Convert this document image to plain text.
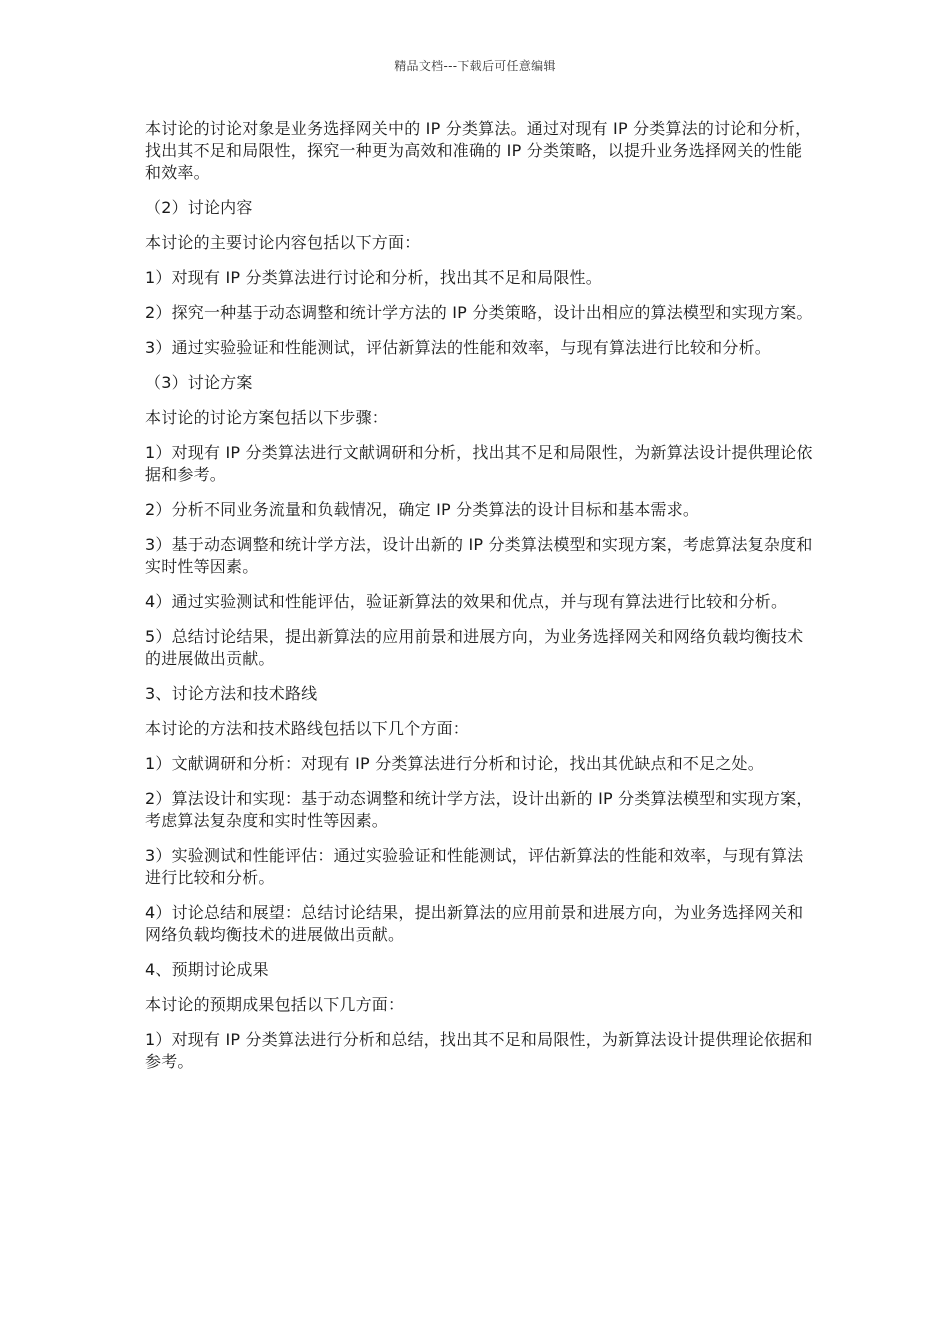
精品文档---下载后可任意编辑

本讨论的讨论对象是业务选择网关中的 IP 分类算法。通过对现有 IP 分类算法的讨论和分析，找出其不足和局限性，探究一种更为高效和准确的 IP 分类策略，以提升业务选择网关的性能和效率。

（2）讨论内容

本讨论的主要讨论内容包括以下方面：

1）对现有 IP 分类算法进行讨论和分析，找出其不足和局限性。

2）探究一种基于动态调整和统计学方法的 IP 分类策略，设计出相应的算法模型和实现方案。

3）通过实验验证和性能测试，评估新算法的性能和效率，与现有算法进行比较和分析。

（3）讨论方案

本讨论的讨论方案包括以下步骤：

1）对现有 IP 分类算法进行文献调研和分析，找出其不足和局限性，为新算法设计提供理论依据和参考。

2）分析不同业务流量和负载情况，确定 IP 分类算法的设计目标和基本需求。

3）基于动态调整和统计学方法，设计出新的 IP 分类算法模型和实现方案，考虑算法复杂度和实时性等因素。

4）通过实验测试和性能评估，验证新算法的效果和优点，并与现有算法进行比较和分析。

5）总结讨论结果，提出新算法的应用前景和进展方向，为业务选择网关和网络负载均衡技术的进展做出贡献。

3、讨论方法和技术路线

本讨论的方法和技术路线包括以下几个方面：

1）文献调研和分析：对现有 IP 分类算法进行分析和讨论，找出其优缺点和不足之处。

2）算法设计和实现：基于动态调整和统计学方法，设计出新的 IP 分类算法模型和实现方案，考虑算法复杂度和实时性等因素。

3）实验测试和性能评估：通过实验验证和性能测试，评估新算法的性能和效率，与现有算法进行比较和分析。

4）讨论总结和展望：总结讨论结果，提出新算法的应用前景和进展方向，为业务选择网关和网络负载均衡技术的进展做出贡献。

4、预期讨论成果

本讨论的预期成果包括以下几方面：

1）对现有 IP 分类算法进行分析和总结，找出其不足和局限性，为新算法设计提供理论依据和参考。
